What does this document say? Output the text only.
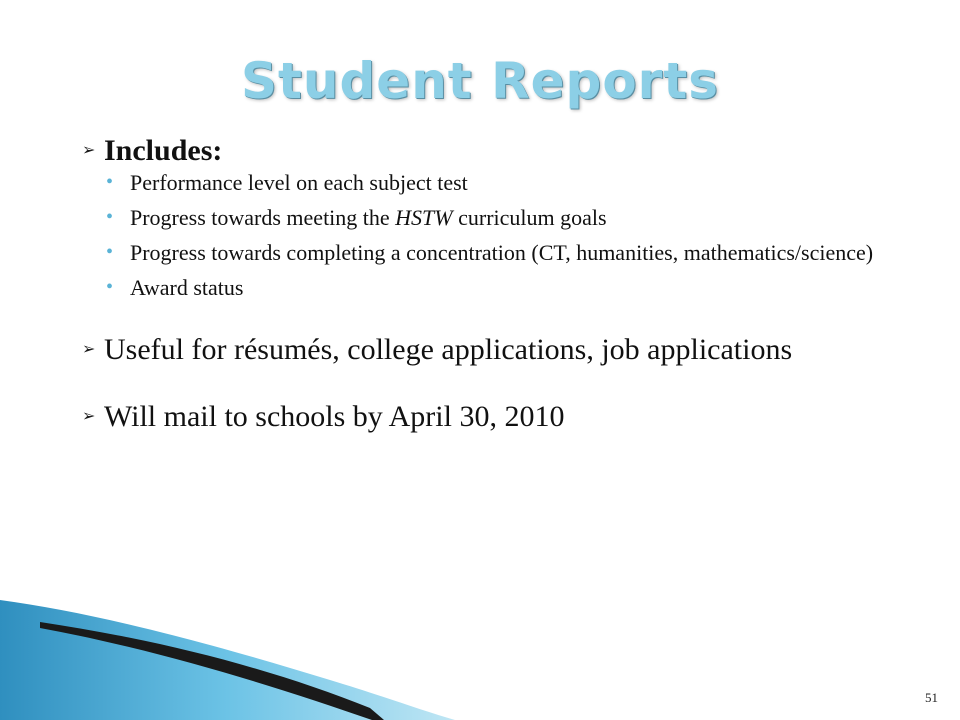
Student Reports
➢ Includes:
• Performance level on each subject test
• Progress towards meeting the HSTW curriculum goals
• Progress towards completing a concentration (CT, humanities, mathematics/science)
• Award status
➢ Useful for résumés, college applications, job applications
➢ Will mail to schools by April 30, 2010
51
